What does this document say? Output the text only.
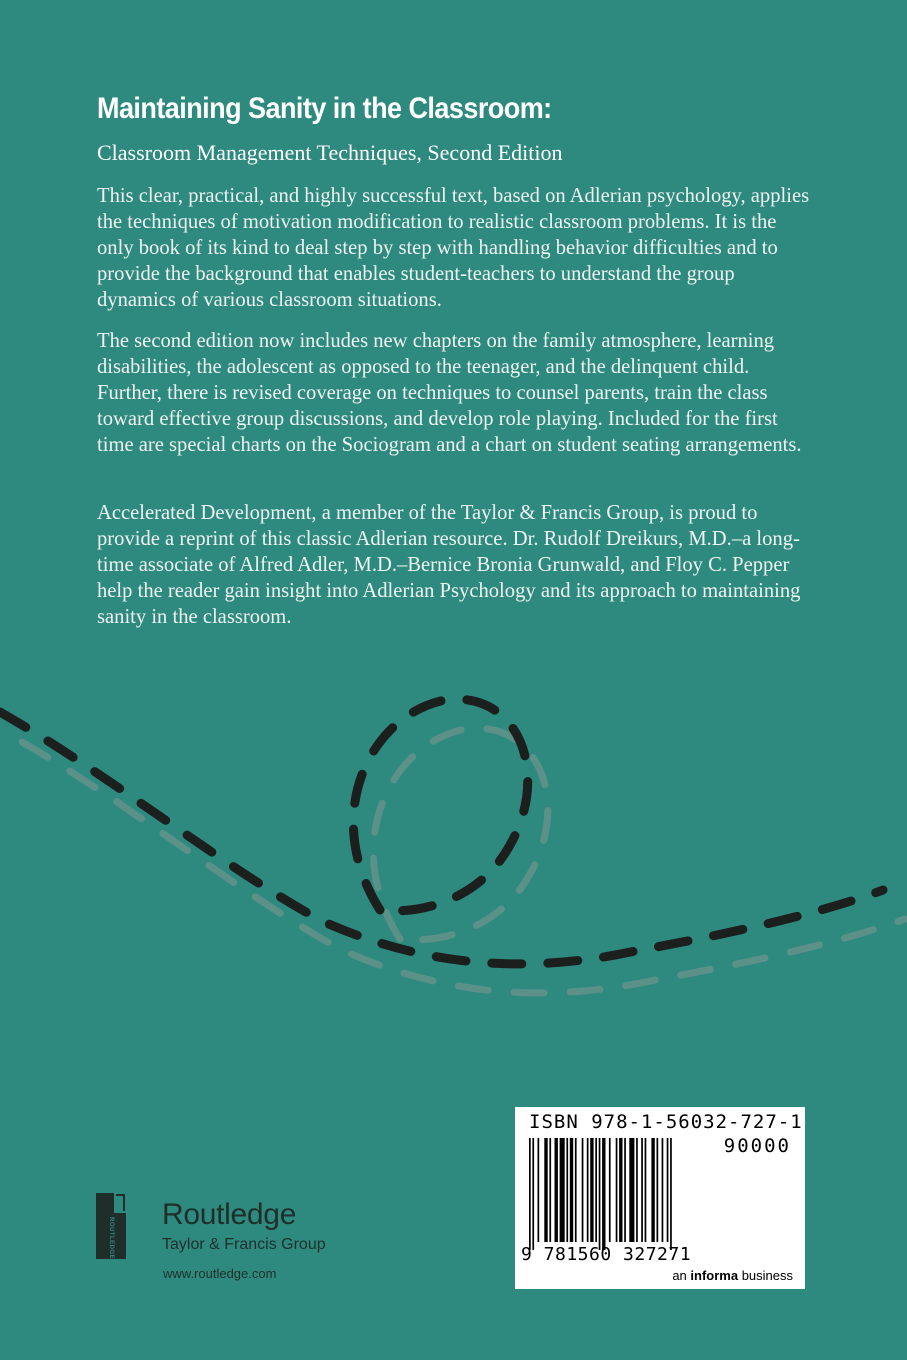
Maintaining Sanity in the Classroom:
Classroom Management Techniques, Second Edition

This clear, practical, and highly successful text, based on Adlerian psychology, applies the techniques of motivation modification to realistic classroom problems. It is the only book of its kind to deal step by step with handling behavior difficulties and to provide the background that enables student-teachers to understand the group dynamics of various classroom situations.

The second edition now includes new chapters on the family atmosphere, learning disabilities, the adolescent as opposed to the teenager, and the delinquent child. Further, there is revised coverage on techniques to counsel parents, train the class toward effective group discussions, and develop role playing. Included for the first time are special charts on the Sociogram and a chart on student seating arrangements.

Accelerated Development, a member of the Taylor & Francis Group, is proud to provide a reprint of this classic Adlerian resource. Dr. Rudolf Dreikurs, M.D.–a long-time associate of Alfred Adler, M.D.–Bernice Bronia Grunwald, and Floy C. Pepper help the reader gain insight into Adlerian Psychology and its approach to maintaining sanity in the classroom.

ISBN 978-1-56032-727-1
90000
9 781560 327271
an informa business
ROUTLEDGE
Routledge
Taylor & Francis Group
www.routledge.com
